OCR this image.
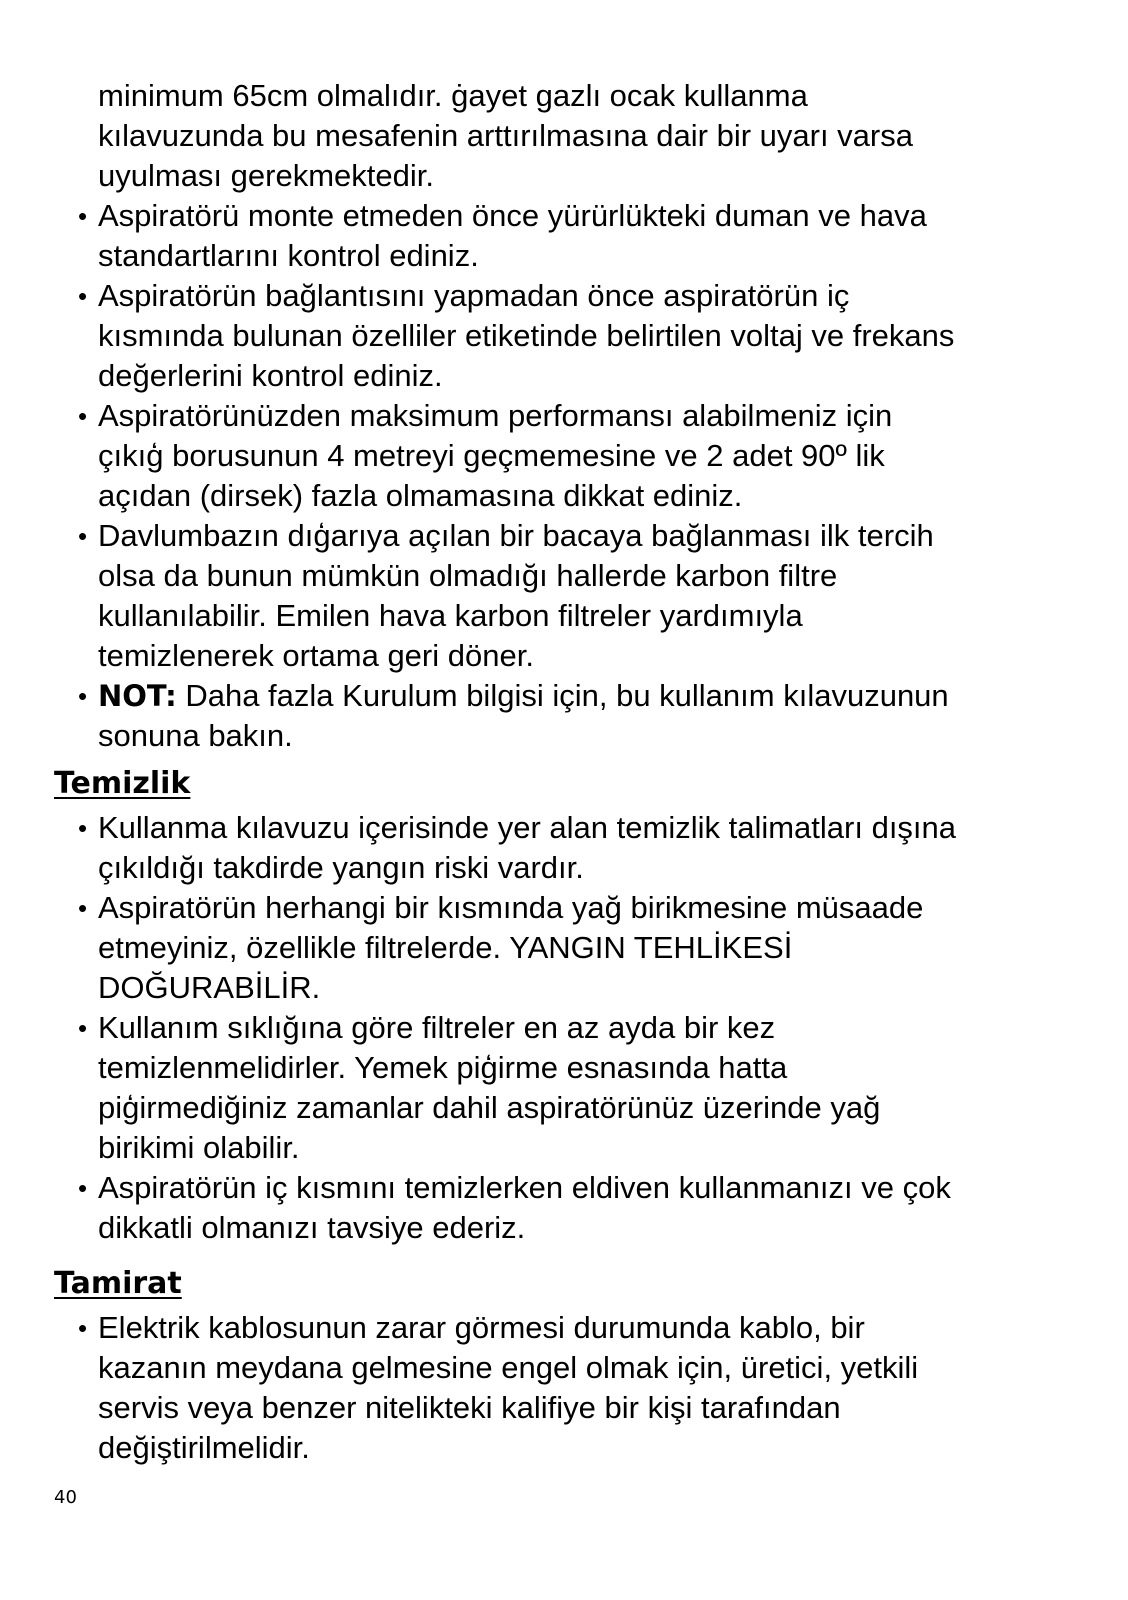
minimum 65cm olmalıdır. ġayet gazlı ocak kullanma
kılavuzunda bu mesafenin arttırılmasına dair bir uyarı varsa
uyulması gerekmektedir.
• Aspiratörü monte etmeden önce yürürlükteki duman ve hava
standartlarını kontrol ediniz.
• Aspiratörün bağlantısını yapmadan önce aspiratörün iç
kısmında bulunan özelliler etiketinde belirtilen voltaj ve frekans
değerlerini kontrol ediniz.
• Aspiratörünüzden maksimum performansı alabilmeniz için
çıkıģ borusunun 4 metreyi geçmemesine ve 2 adet 90º lik
açıdan (dirsek) fazla olmamasına dikkat ediniz.
• Davlumbazın dıģarıya açılan bir bacaya bağlanması ilk tercih
olsa da bunun mümkün olmadığı hallerde karbon filtre
kullanılabilir. Emilen hava karbon filtreler yardımıyla
temizlenerek ortama geri döner.
• NOT: Daha fazla Kurulum bilgisi için, bu kullanım kılavuzunun
sonuna bakın.
Temizlik
• Kullanma kılavuzu içerisinde yer alan temizlik talimatları dışına
çıkıldığı takdirde yangın riski vardır.
• Aspiratörün herhangi bir kısmında yağ birikmesine müsaade
etmeyiniz, özellikle filtrelerde. YANGIN TEHLİKESİ
DOĞURABİLİR.
• Kullanım sıklığına göre filtreler en az ayda bir kez
temizlenmelidirler. Yemek piģirme esnasında hatta
piģirmediğiniz zamanlar dahil aspiratörünüz üzerinde yağ
birikimi olabilir.
• Aspiratörün iç kısmını temizlerken eldiven kullanmanızı ve çok
dikkatli olmanızı tavsiye ederiz.
Tamirat
• Elektrik kablosunun zarar görmesi durumunda kablo, bir
kazanın meydana gelmesine engel olmak için, üretici, yetkili
servis veya benzer nitelikteki kalifiye bir kişi tarafından
değiştirilmelidir.
40
